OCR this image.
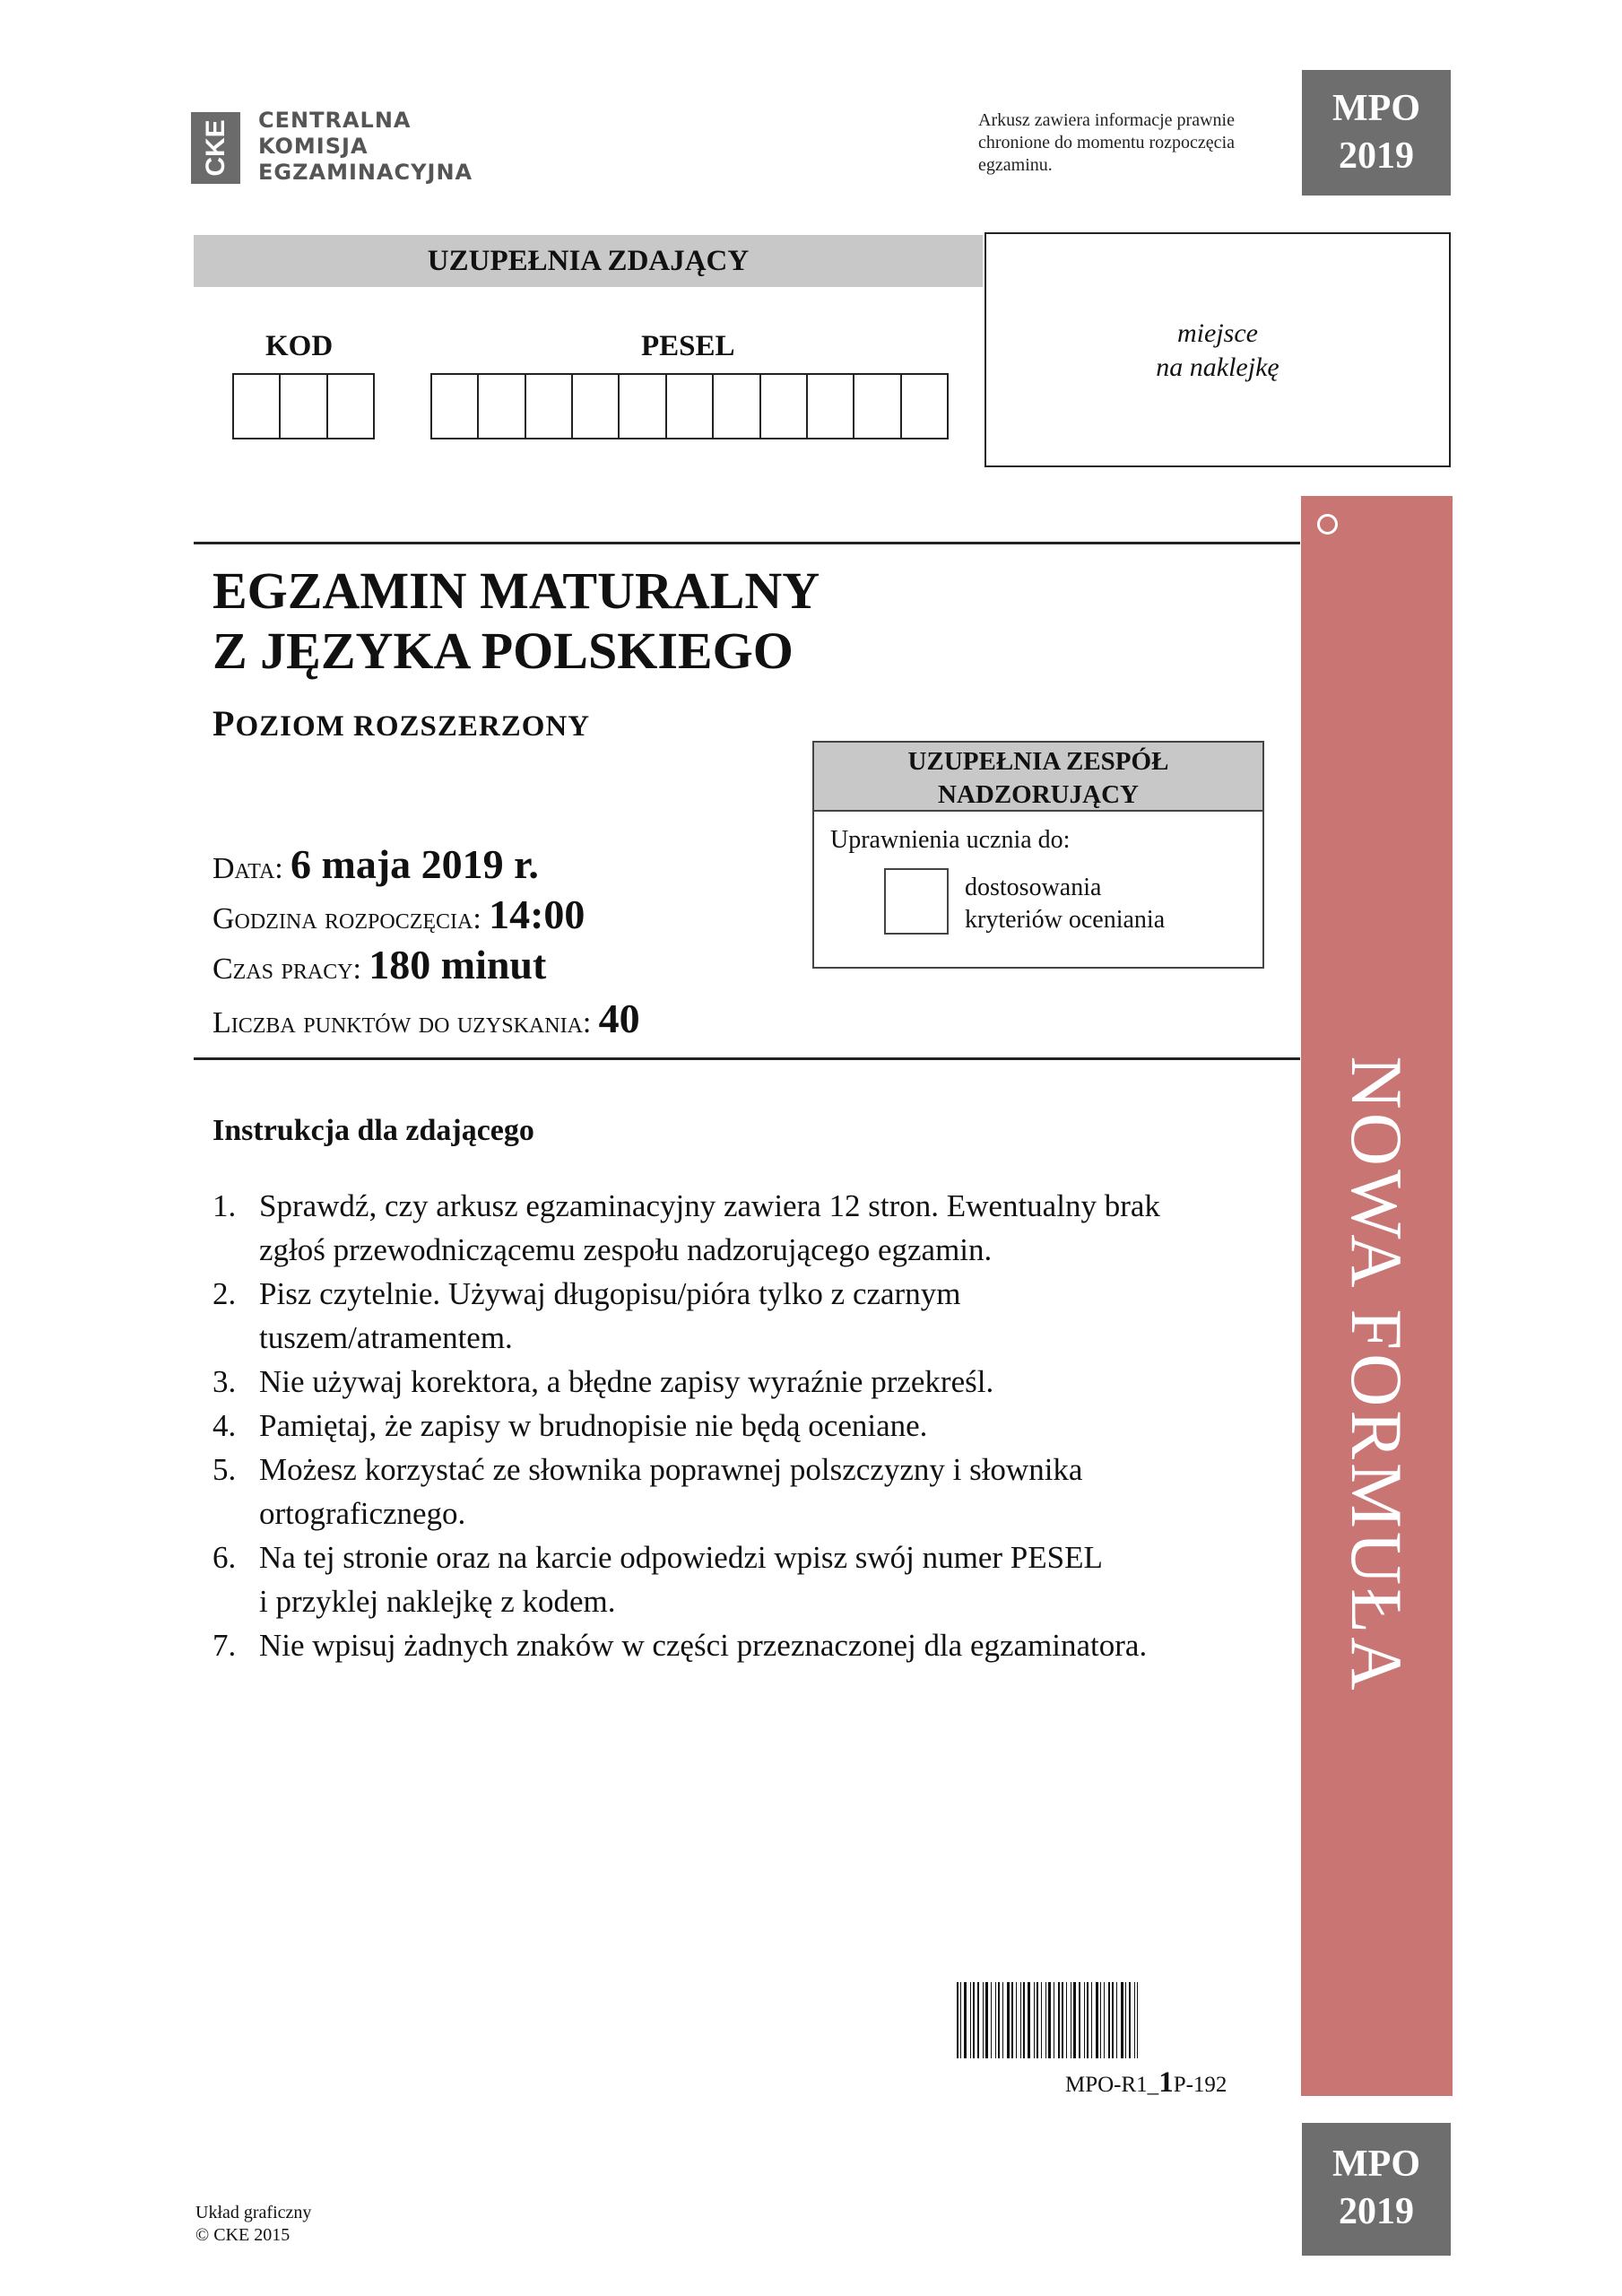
CKE	CENTRALNA
KOMISJA
EGZAMINACYJNA
Arkusz zawiera informacje prawnie chronione do momentu rozpoczęcia egzaminu.
MPO
2019
UZUPEŁNIA ZDAJĄCY
miejsce
na naklejkę
KOD	PESEL
EGZAMIN MATURALNY
Z JĘZYKA POLSKIEGO
POZIOM ROZSZERZONY
Data: 6 maja 2019 r.
Godzina rozpoczęcia: 14:00
Czas pracy: 180 minut
Liczba punktów do uzyskania: 40
UZUPEŁNIA ZESPÓŁ
NADZORUJĄCY
Uprawnienia ucznia do:
dostosowania
kryteriów oceniania
Instrukcja dla zdającego
1. Sprawdź, czy arkusz egzaminacyjny zawiera 12 stron. Ewentualny brak
zgłoś przewodniczącemu zespołu nadzorującego egzamin.
2. Pisz czytelnie. Używaj długopisu/pióra tylko z czarnym
tuszem/atramentem.
3. Nie używaj korektora, a błędne zapisy wyraźnie przekreśl.
4. Pamiętaj, że zapisy w brudnopisie nie będą oceniane.
5. Możesz korzystać ze słownika poprawnej polszczyzny i słownika
ortograficznego.
6. Na tej stronie oraz na karcie odpowiedzi wpisz swój numer PESEL
i przyklej naklejkę z kodem.
7. Nie wpisuj żadnych znaków w części przeznaczonej dla egzaminatora.	NOWA FORMUŁA
MPO-R1_1P-192
MPO
2019
Układ graficzny
© CKE 2015
